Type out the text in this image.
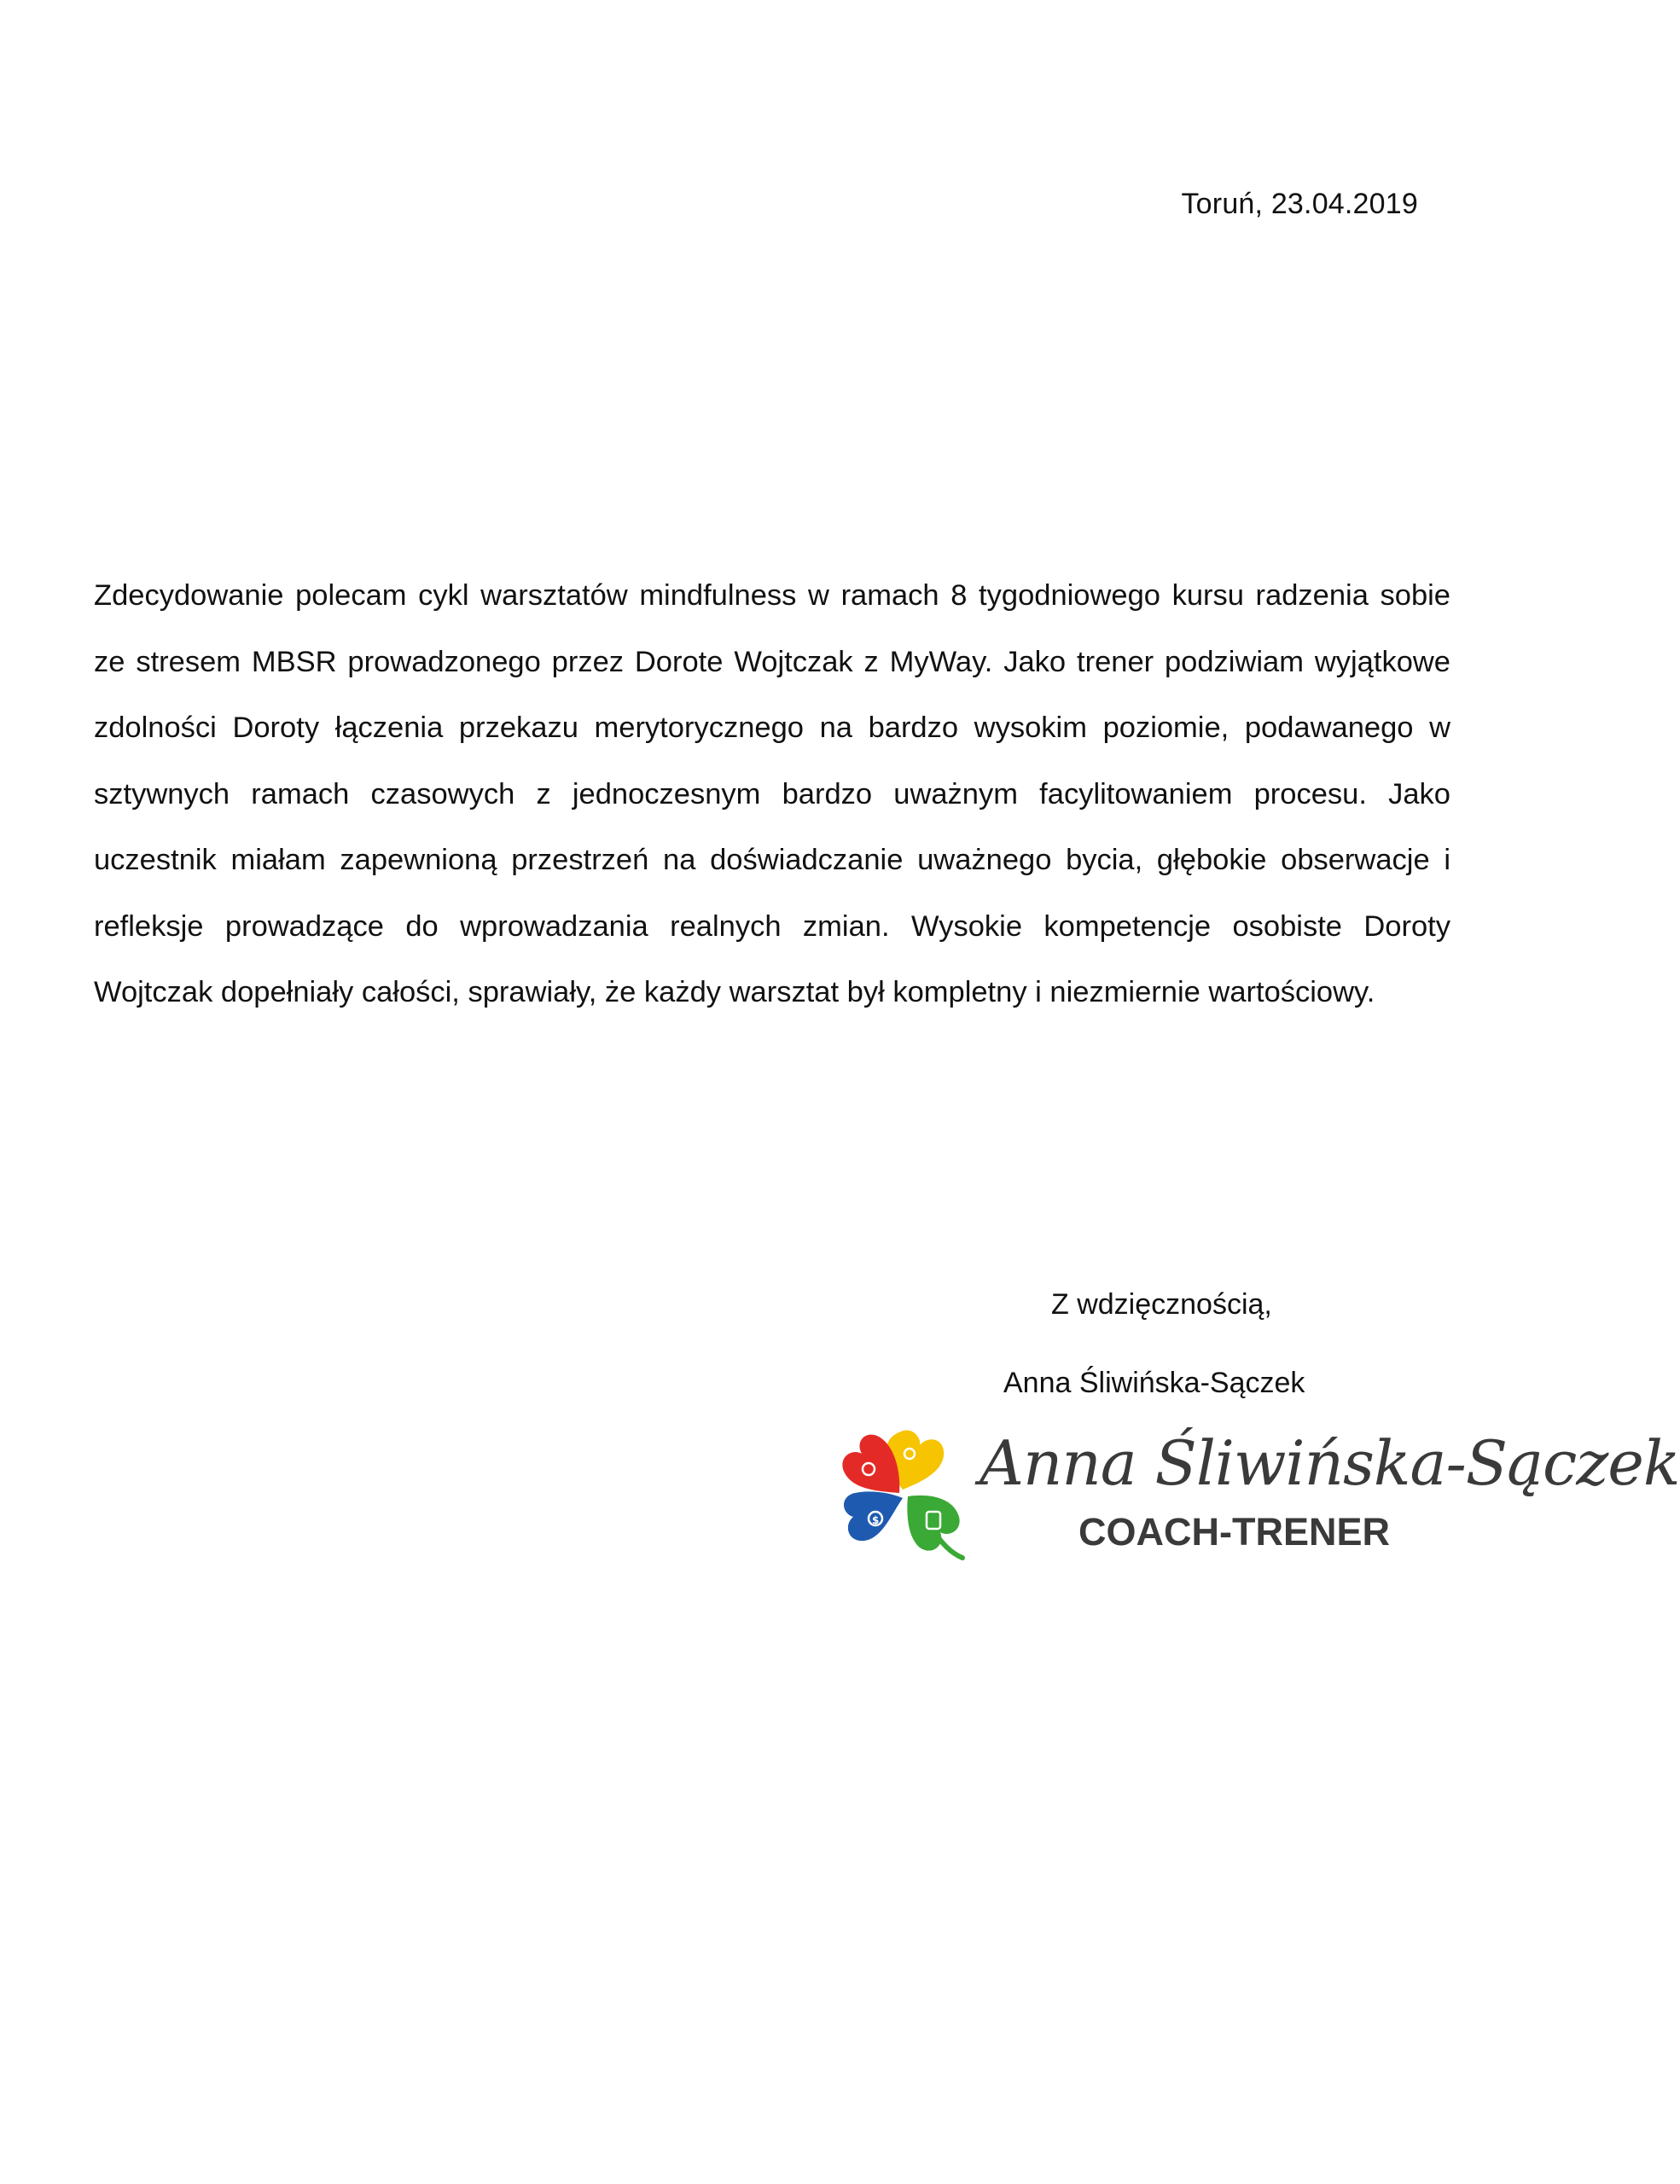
Toruń, 23.04.2019

Zdecydowanie polecam cykl warsztatów mindfulness w ramach 8 tygodniowego kursu radzenia sobie ze stresem MBSR prowadzonego przez Dorote Wojtczak z MyWay. Jako trener podziwiam wyjątkowe zdolności Doroty łączenia przekazu merytorycznego na bardzo wysokim poziomie, podawanego w sztywnych ramach czasowych z jednoczesnym bardzo uważnym facylitowaniem procesu. Jako uczestnik miałam zapewnioną przestrzeń na doświadczanie uważnego bycia, głębokie obserwacje i refleksje prowadzące do wprowadzania realnych zmian. Wysokie kompetencje osobiste Doroty Wojtczak dopełniały całości, sprawiały, że każdy warsztat był kompletny i niezmiernie wartościowy.

Z wdzięcznością,
Anna Śliwińska-Sączek
$
Anna Śliwińska-Sączek
COACH-TRENER
